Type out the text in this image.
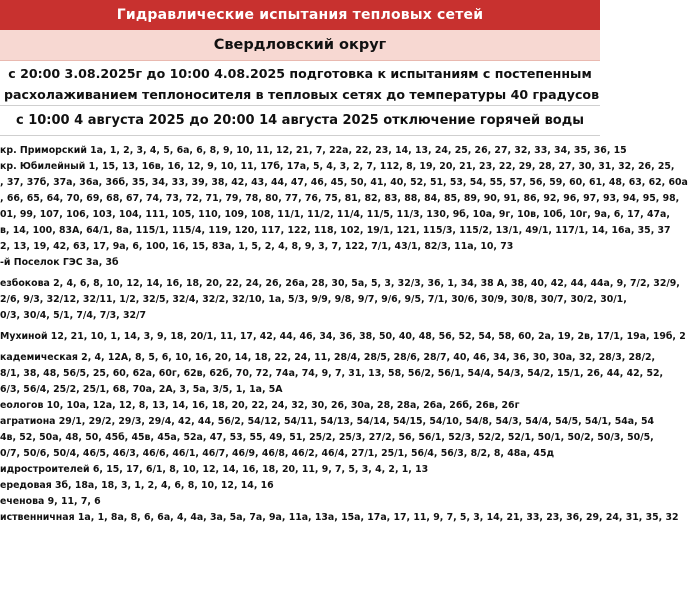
Гидравлические испытания тепловых сетей
Свердловский округ
с 20:00 3.08.2025г до 10:00 4.08.2025 подготовка к испытаниям с постепенным
расхолаживанием теплоносителя в тепловых сетях до температуры 40 градусов
с 10:00 4 августа 2025 до 20:00 14 августа 2025 отключение горячей воды
кр. Приморский 1а, 1, 2, 3, 4, 5, 6а, 6, 8, 9, 10, 11, 12, 21, 7, 22а, 22, 23, 14, 13, 24, 25, 26, 27, 32, 33, 34, 35, 36, 15
кр. Юбилейный 1, 15, 13, 16в, 16, 12, 9, 10, 11, 17б, 17а, 5, 4, 3, 2, 7, 112, 8, 19, 20, 21, 23, 22, 29, 28, 27, 30, 31, 32, 26, 25,
, 37, 37б, 37а, 36а, 36б, 35, 34, 33, 39, 38, 42, 43, 44, 47, 46, 45, 50, 41, 40, 52, 51, 53, 54, 55, 57, 56, 59, 60, 61, 48, 63, 62, 60а
, 66, 65, 64, 70, 69, 68, 67, 74, 73, 72, 71, 79, 78, 80, 77, 76, 75, 81, 82, 83, 88, 84, 85, 89, 90, 91, 86, 92, 96, 97, 93, 94, 95, 98,
01, 99, 107, 106, 103, 104, 111, 105, 110, 109, 108, 11/1, 11/2, 11/4, 11/5, 11/3, 130, 9б, 10а, 9г, 10в, 10б, 10г, 9а, 6, 17, 47а,
в, 14, 100, 83А, 64/1, 8а, 115/1, 115/4, 119, 120, 117, 122, 118, 102, 19/1, 121, 115/3, 115/2, 13/1, 49/1, 117/1, 14, 16а, 35, 37
2, 13, 19, 42, 63, 17, 9а, 6, 100, 16, 15, 83а, 1, 5, 2, 4, 8, 9, 3, 7, 122, 7/1, 43/1, 82/3, 11а, 10, 73
-й Поселок ГЭС 3а, 3б
езбокова 2, 4, 6, 8, 10, 12, 14, 16, 18, 20, 22, 24, 26, 26а, 28, 30, 5а, 5, 3, 32/3, 36, 1, 34, 38 А, 38, 40, 42, 44, 44а, 9, 7/2, 32/9,
2/6, 9/3, 32/12, 32/11, 1/2, 32/5, 32/4, 32/2, 32/10, 1а, 5/3, 9/9, 9/8, 9/7, 9/6, 9/5, 7/1, 30/6, 30/9, 30/8, 30/7, 30/2, 30/1,
0/3, 30/4, 5/1, 7/4, 7/3, 32/7
Мухиной 12, 21, 10, 1, 14, 3, 9, 18, 20/1, 11, 17, 42, 44, 46, 34, 36, 38, 50, 40, 48, 56, 52, 54, 58, 60, 2а, 19, 2в, 17/1, 19а, 19б, 2
кадемическая 2, 4, 12А, 8, 5, 6, 10, 16, 20, 14, 18, 22, 24, 11, 28/4, 28/5, 28/6, 28/7, 40, 46, 34, 36, 30, 30а, 32, 28/3, 28/2,
8/1, 38, 48, 56/5, 25, 60, 62а, 60г, 62в, 62б, 70, 72, 74а, 74, 9, 7, 31, 13, 58, 56/2, 56/1, 54/4, 54/3, 54/2, 15/1, 26, 44, 42, 52,
6/3, 56/4, 25/2, 25/1, 68, 70а, 2А, 3, 5а, 3/5, 1, 1а, 5А
еологов 10, 10а, 12а, 12, 8, 13, 14, 16, 18, 20, 22, 24, 32, 30, 26, 30а, 28, 28а, 26а, 26б, 26в, 26г
агратиона 29/1, 29/2, 29/3, 29/4, 42, 44, 56/2, 54/12, 54/11, 54/13, 54/14, 54/15, 54/10, 54/8, 54/3, 54/4, 54/5, 54/1, 54а, 54
4в, 52, 50а, 48, 50, 45б, 45в, 45а, 52а, 47, 53, 55, 49, 51, 25/2, 25/3, 27/2, 56, 56/1, 52/3, 52/2, 52/1, 50/1, 50/2, 50/3, 50/5,
0/7, 50/6, 50/4, 46/5, 46/3, 46/6, 46/1, 46/7, 46/9, 46/8, 46/2, 46/4, 27/1, 25/1, 56/4, 56/3, 8/2, 8, 48а, 45д
идростроителей 6, 15, 17, 6/1, 8, 10, 12, 14, 16, 18, 20, 11, 9, 7, 5, 3, 4, 2, 1, 13
ередовая 3б, 18а, 18, 3, 1, 2, 4, 6, 8, 10, 12, 14, 16
еченова 9, 11, 7, 6
иственничная 1а, 1, 8а, 8, 6, 6а, 4, 4а, 3а, 5а, 7а, 9а, 11а, 13а, 15а, 17а, 17, 11, 9, 7, 5, 3, 14, 21, 33, 23, 36, 29, 24, 31, 35, 32
